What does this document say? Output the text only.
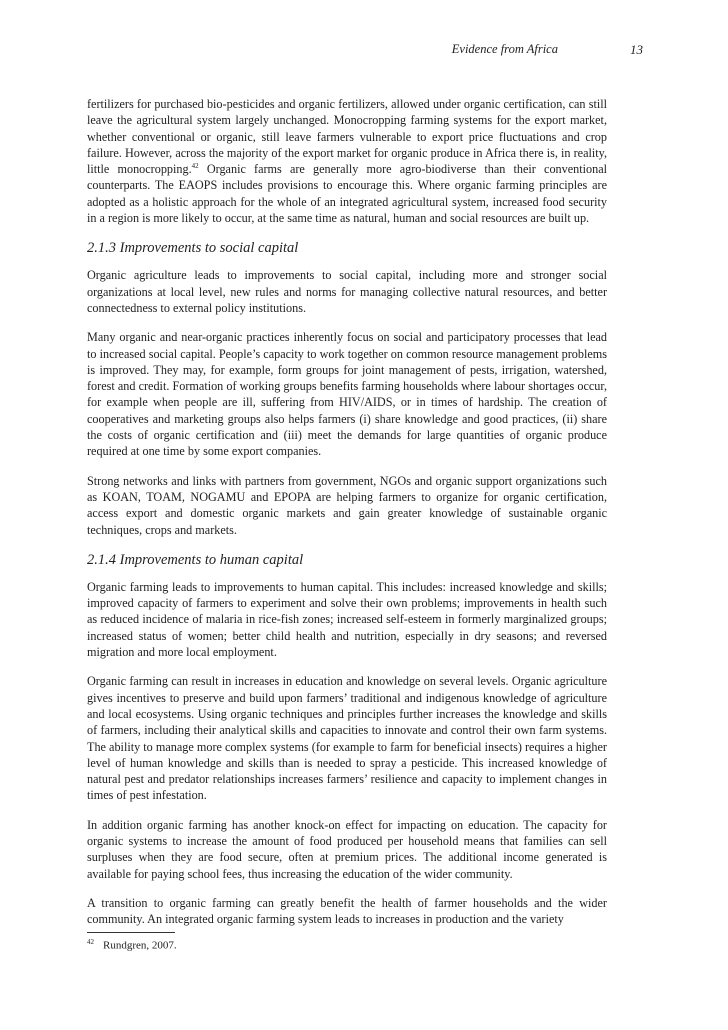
Evidence from Africa	13

fertilizers for purchased bio-pesticides and organic fertilizers, allowed under organic certification, can still leave the agricultural system largely unchanged. Monocropping farming systems for the export market, whether conventional or organic, still leave farmers vulnerable to export price fluctuations and crop failure. However, across the majority of the export market for organic produce in Africa there is, in reality, little monocropping.$^{42}$ Organic farms are generally more agro-biodiverse than their conventional counterparts. The EAOPS includes provisions to encourage this. Where organic farming principles are adopted as a holistic approach for the whole of an integrated agricultural system, increased food security in a region is more likely to occur, at the same time as natural, human and social resources are built up.

2.1.3 Improvements to social capital

Organic agriculture leads to improvements to social capital, including more and stronger social organizations at local level, new rules and norms for managing collective natural resources, and better connectedness to external policy institutions.

Many organic and near-organic practices inherently focus on social and participatory processes that lead to increased social capital. People’s capacity to work together on common resource management problems is improved. They may, for example, form groups for joint management of pests, irrigation, watershed, forest and credit. Formation of working groups benefits farming households where labour shortages occur, for example when people are ill, suffering from HIV/AIDS, or in times of hardship. The creation of cooperatives and marketing groups also helps farmers (i) share knowledge and good practices, (ii) share the costs of organic certification and (iii) meet the demands for large quantities of organic produce required at one time by some export companies.

Strong networks and links with partners from government, NGOs and organic support organizations such as KOAN, TOAM, NOGAMU and EPOPA are helping farmers to organize for organic certification, access export and domestic organic markets and gain greater knowledge of sustainable organic techniques, crops and markets.

2.1.4 Improvements to human capital

Organic farming leads to improvements to human capital. This includes: increased knowledge and skills; improved capacity of farmers to experiment and solve their own problems; improvements in health such as reduced incidence of malaria in rice-fish zones; increased self-esteem in formerly marginalized groups; increased status of women; better child health and nutrition, especially in dry seasons; and reversed migration and more local employment.

Organic farming can result in increases in education and knowledge on several levels. Organic agriculture gives incentives to preserve and build upon farmers’ traditional and indigenous knowledge of agriculture and local ecosystems. Using organic techniques and principles further increases the knowledge and skills of farmers, including their analytical skills and capacities to innovate and control their own farm systems. The ability to manage more complex systems (for example to farm for beneficial insects) requires a higher level of human knowledge and skills than is needed to spray a pesticide. This increased knowledge of natural pest and predator relationships increases farmers’ resilience and capacity to implement changes in times of pest infestation.

In addition organic farming has another knock-on effect for impacting on education. The capacity for organic systems to increase the amount of food produced per household means that families can sell surpluses when they are food secure, often at premium prices. The additional income generated is available for paying school fees, thus increasing the education of the wider community.

A transition to organic farming can greatly benefit the health of farmer households and the wider community. An integrated organic farming system leads to increases in production and the variety

$^{42}$ Rundgren, 2007.
